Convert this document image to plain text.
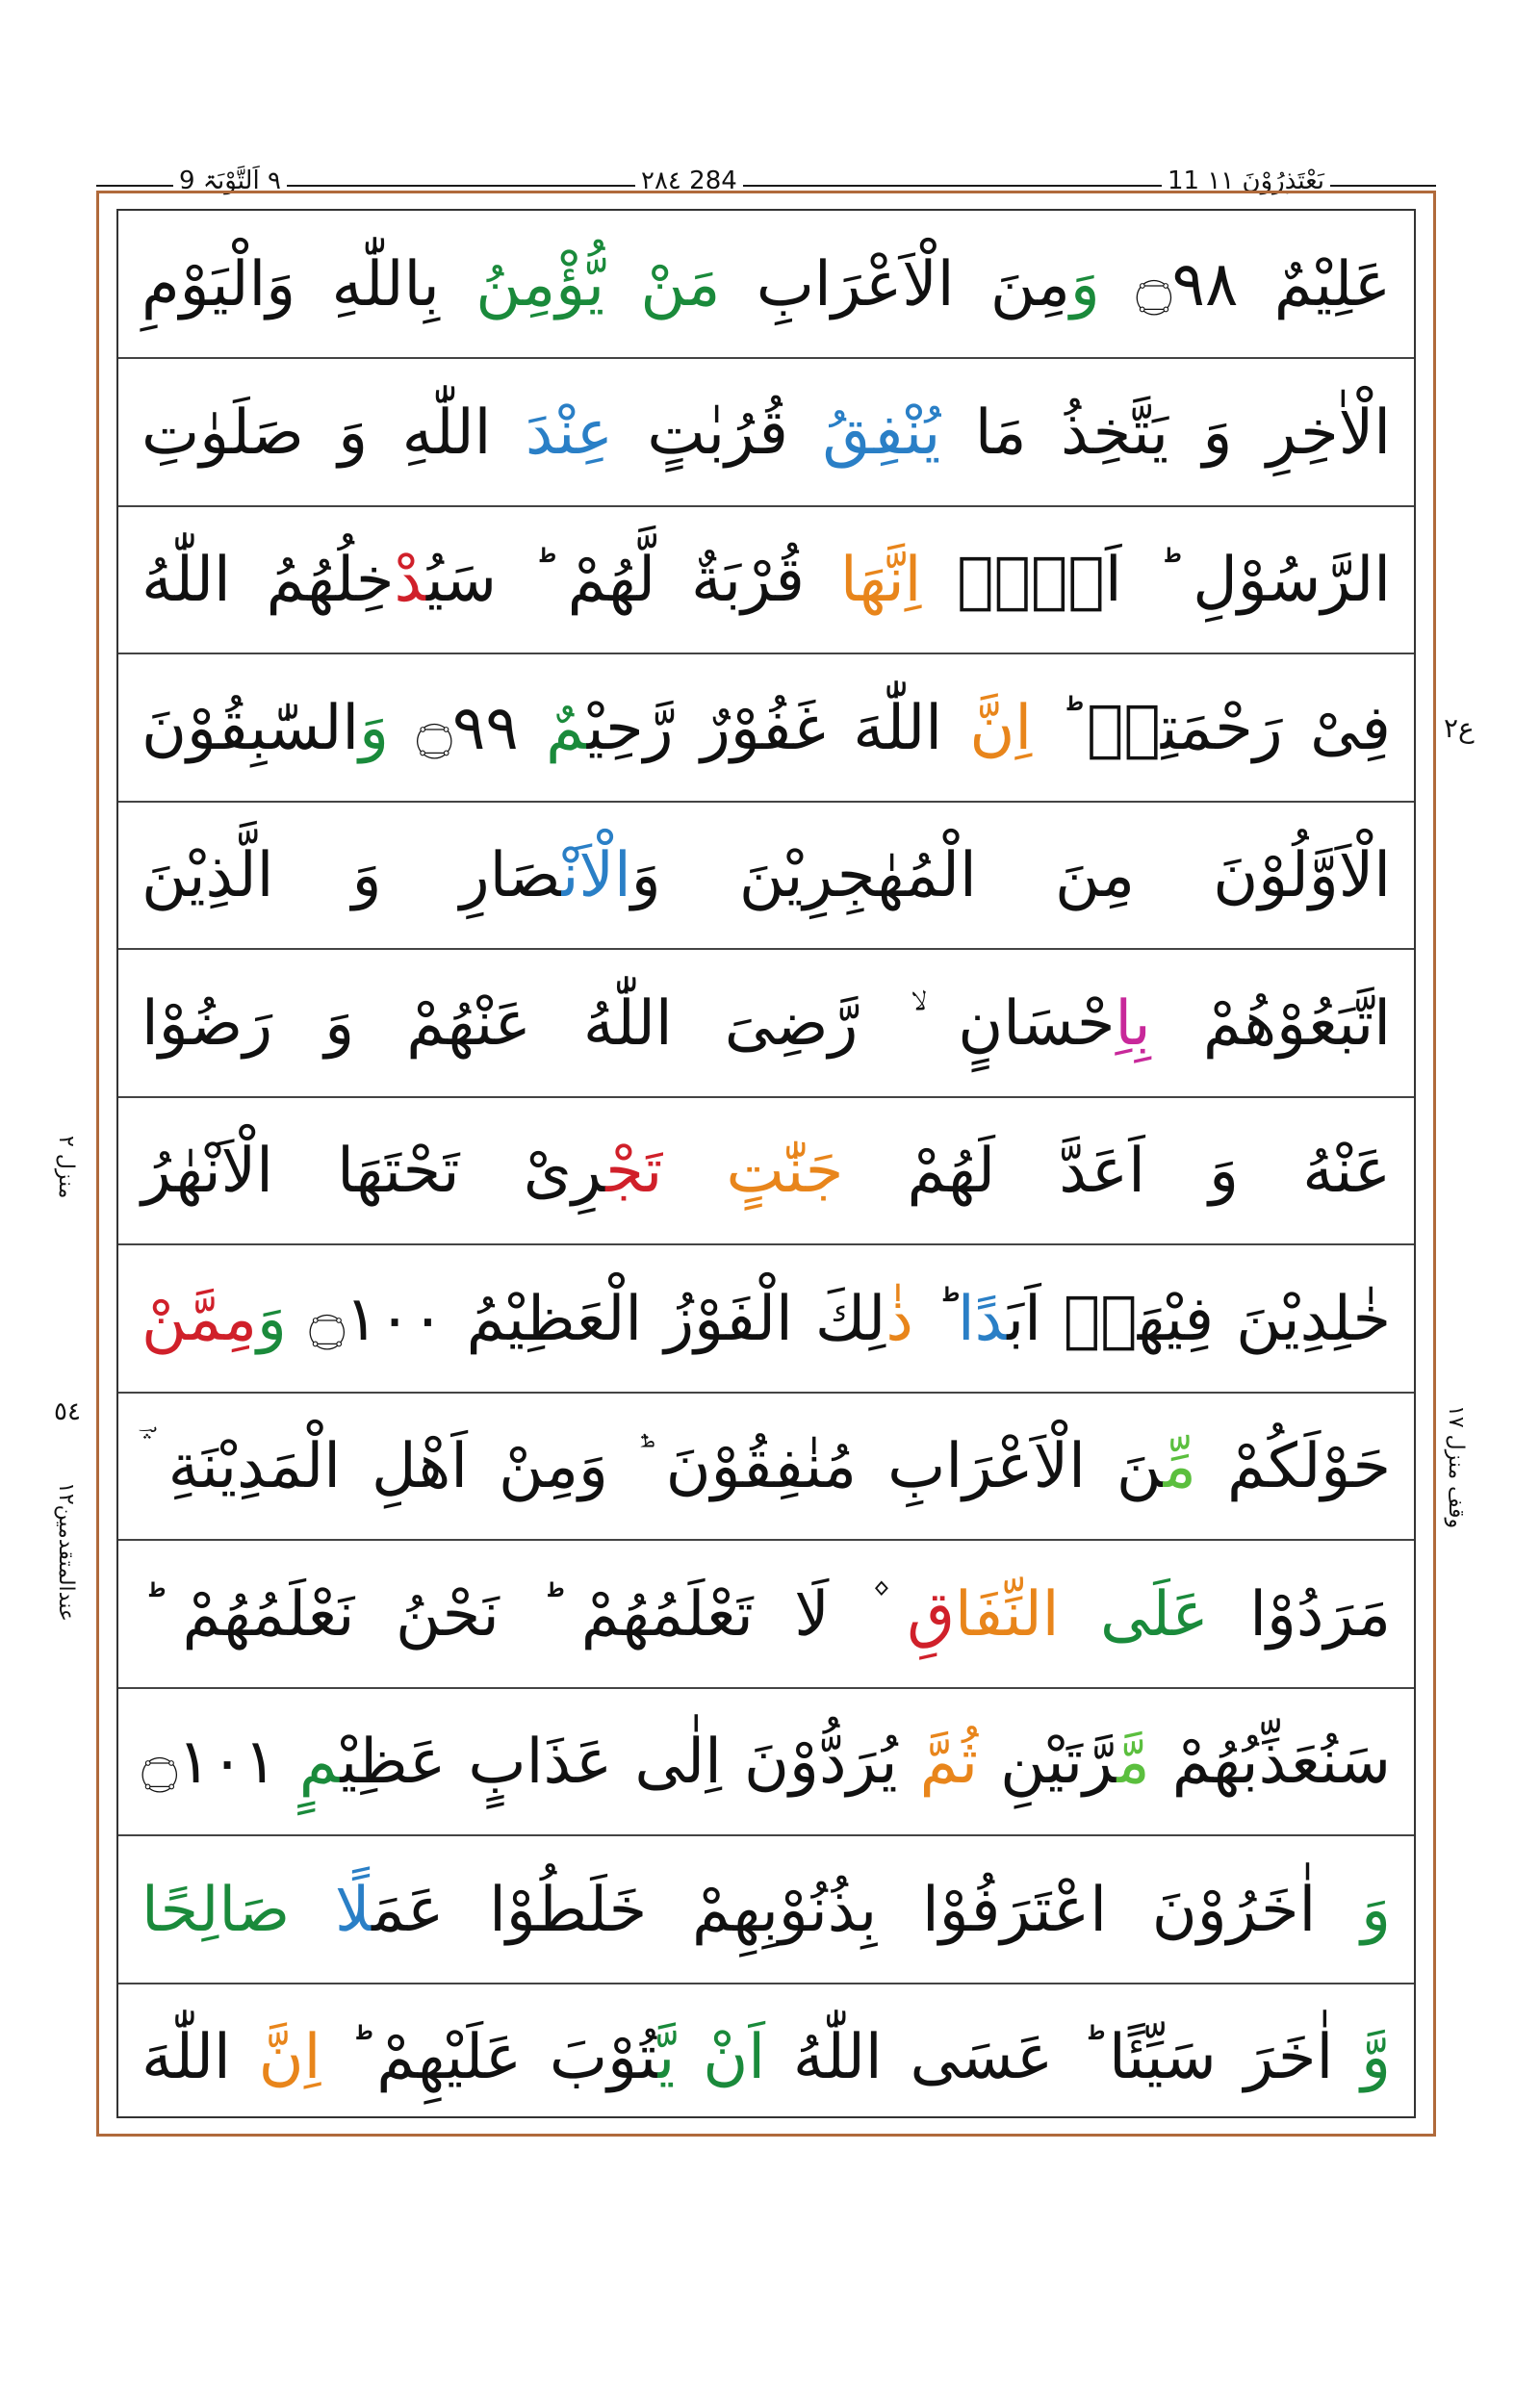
٩ اَلتَّوْبَۃ 9	٢٨٤ 284	11 یَعْتَذِرُوْنَ ١١
عَلِیْمٌ ۝٩٨ وَمِنَ الْاَعْرَابِ مَنْ یُّؤْمِنُ بِاللّٰهِ وَالْیَوْمِ
الْاٰخِرِ وَ یَتَّخِذُ مَا یُنْفِقُ قُرُبٰتٍ عِنْدَ اللّٰهِ وَ صَلَوٰتِ
الرَّسُوْلِ ؕ اَلَاۤ اِنَّهَا قُرْبَةٌ لَّهُمْ ؕ سَیُدْخِلُهُمُ اللّٰهُ
فِیْ رَحْمَتِهٖ ؕ اِنَّ اللّٰهَ غَفُوْرٌ رَّحِیْمٌ ۝٩٩ وَالسّٰبِقُوْنَ
الْاَوَّلُوْنَ مِنَ الْمُهٰجِرِیْنَ وَالْاَنْصَارِ وَ الَّذِیْنَ
اتَّبَعُوْهُمْ بِاِحْسَانٍ ۙ رَّضِیَ اللّٰهُ عَنْهُمْ وَ رَضُوْا
عَنْهُ وَ اَعَدَّ لَهُمْ جَنّٰتٍ تَجْرِیْ تَحْتَهَا الْاَنْهٰرُ
خٰلِدِیْنَ فِیْهَاۤ اَبَدًا ؕ ذٰلِكَ الْفَوْزُ الْعَظِیْمُ ۝١٠٠ وَمِمَّنْ
حَوْلَكُمْ مِّنَ الْاَعْرَابِ مُنٰفِقُوْنَ ؕۛ وَمِنْ اَهْلِ الْمَدِیْنَةِ ۛؔ
مَرَدُوْا عَلَى النِّفَاقِ ۫ لَا تَعْلَمُهُمْ ؕ نَحْنُ نَعْلَمُهُمْ ؕ
سَنُعَذِّبُهُمْ مَّرَّتَیْنِ ثُمَّ یُرَدُّوْنَ اِلٰى عَذَابٍ عَظِیْمٍ ۝١٠١
وَ اٰخَرُوْنَ اعْتَرَفُوْا بِذُنُوْبِهِمْ خَلَطُوْا عَمَلًا صَالِحًا
وَّ اٰخَرَ سَیِّئًا ؕ عَسَى اللّٰهُ اَنْ یَّتُوْبَ عَلَیْهِمْ ؕ اِنَّ اللّٰهَ
منزل ٢
٥٤
عندالمتقدمين١٢
ع۲
وقف منزل ١٧
